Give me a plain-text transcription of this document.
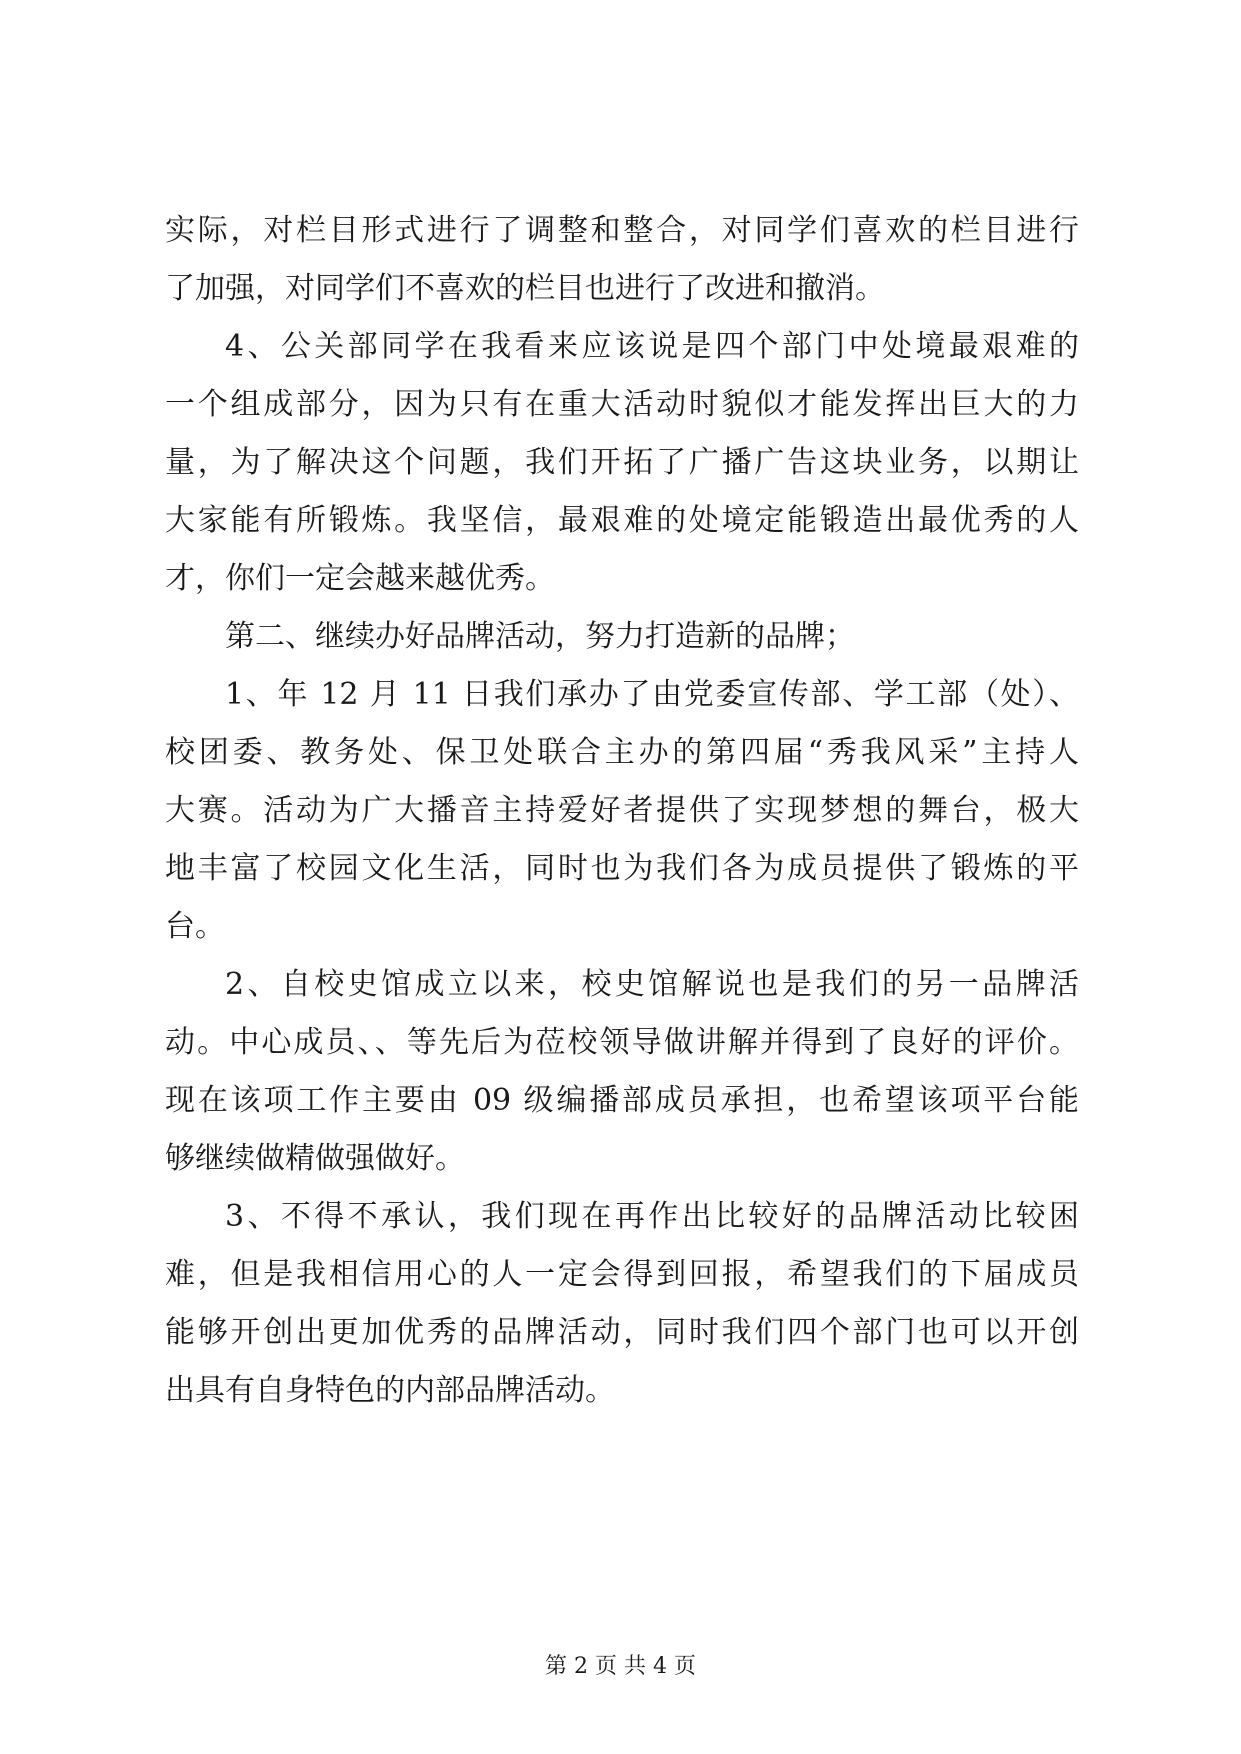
实际，对栏目形式进行了调整和整合，对同学们喜欢的栏目进行
了加强，对同学们不喜欢的栏目也进行了改进和撤消。
4、公关部同学在我看来应该说是四个部门中处境最艰难的
一个组成部分，因为只有在重大活动时貌似才能发挥出巨大的力
量，为了解决这个问题，我们开拓了广播广告这块业务，以期让
大家能有所锻炼。我坚信，最艰难的处境定能锻造出最优秀的人
才，你们一定会越来越优秀。
第二、继续办好品牌活动，努力打造新的品牌；
1、年 12 月 11 日我们承办了由党委宣传部、学工部（处）、
校团委、教务处、保卫处联合主办的第四届“秀我风采”主持人
大赛。活动为广大播音主持爱好者提供了实现梦想的舞台，极大
地丰富了校园文化生活，同时也为我们各为成员提供了锻炼的平
台。
2、自校史馆成立以来，校史馆解说也是我们的另一品牌活
动。中心成员、、等先后为莅校领导做讲解并得到了良好的评价。
现在该项工作主要由 09 级编播部成员承担，也希望该项平台能
够继续做精做强做好。
3、不得不承认，我们现在再作出比较好的品牌活动比较困
难，但是我相信用心的人一定会得到回报，希望我们的下届成员
能够开创出更加优秀的品牌活动，同时我们四个部门也可以开创
出具有自身特色的内部品牌活动。
第 2 页 共 4 页
